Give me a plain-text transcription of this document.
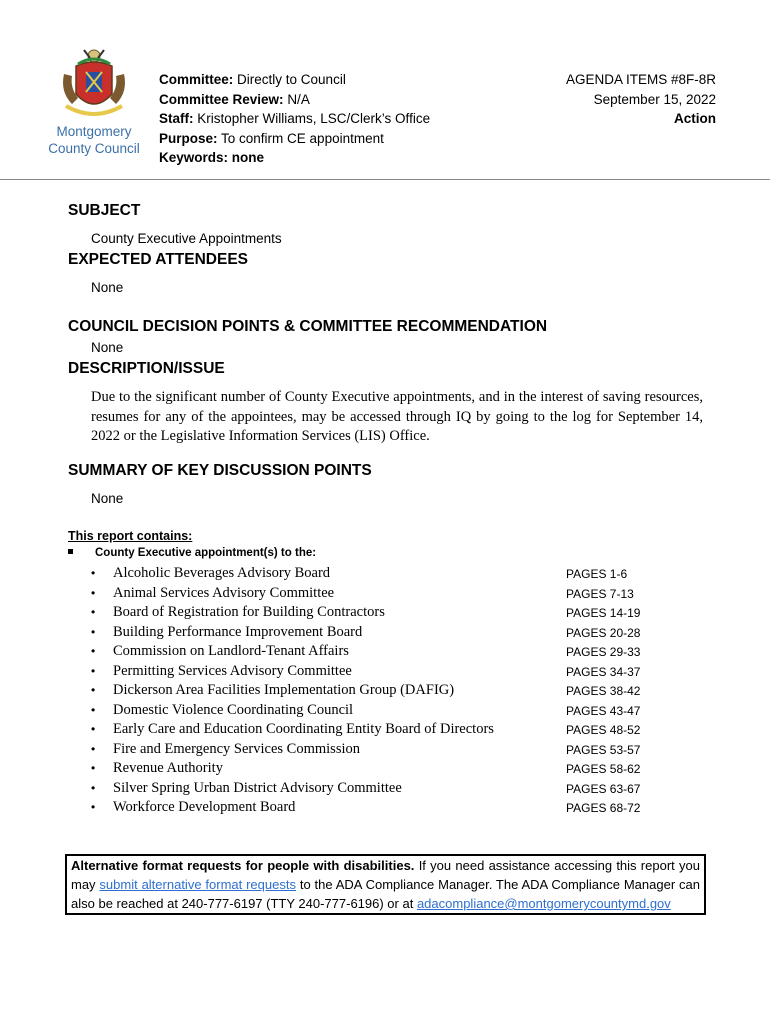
Montgomery
County Council
Committee: Directly to Council
Committee Review: N/A
Staff: Kristopher Williams, LSC/Clerk’s Office
Purpose: To confirm CE appointment
Keywords: none
AGENDA ITEMS #8F-8R
September 15, 2022
Action
SUBJECT
County Executive Appointments
EXPECTED ATTENDEES
None
COUNCIL DECISION POINTS & COMMITTEE RECOMMENDATION
None
DESCRIPTION/ISSUE
Due to the significant number of County Executive appointments, and in the interest of saving resources, resumes for any of the appointees, may be accessed through IQ by going to the log for September 14, 2022 or the Legislative Information Services (LIS) Office.
SUMMARY OF KEY DISCUSSION POINTS
None
This report contains:
County Executive appointment(s) to the:
• Alcoholic Beverages Advisory Board	PAGES 1-6
• Animal Services Advisory Committee	PAGES 7-13
• Board of Registration for Building Contractors	PAGES 14-19
• Building Performance Improvement Board	PAGES 20-28
• Commission on Landlord-Tenant Affairs	PAGES 29-33
• Permitting Services Advisory Committee	PAGES 34-37
• Dickerson Area Facilities Implementation Group (DAFIG)	PAGES 38-42
• Domestic Violence Coordinating Council	PAGES 43-47
• Early Care and Education Coordinating Entity Board of Directors	PAGES 48-52
• Fire and Emergency Services Commission	PAGES 53-57
• Revenue Authority	PAGES 58-62
• Silver Spring Urban District Advisory Committee	PAGES 63-67
• Workforce Development Board	PAGES 68-72
Alternative format requests for people with disabilities. If you need assistance accessing this report you may submit alternative format requests to the ADA Compliance Manager. The ADA Compliance Manager can also be reached at 240-777-6197 (TTY 240-777-6196) or at adacompliance@montgomerycountymd.gov
